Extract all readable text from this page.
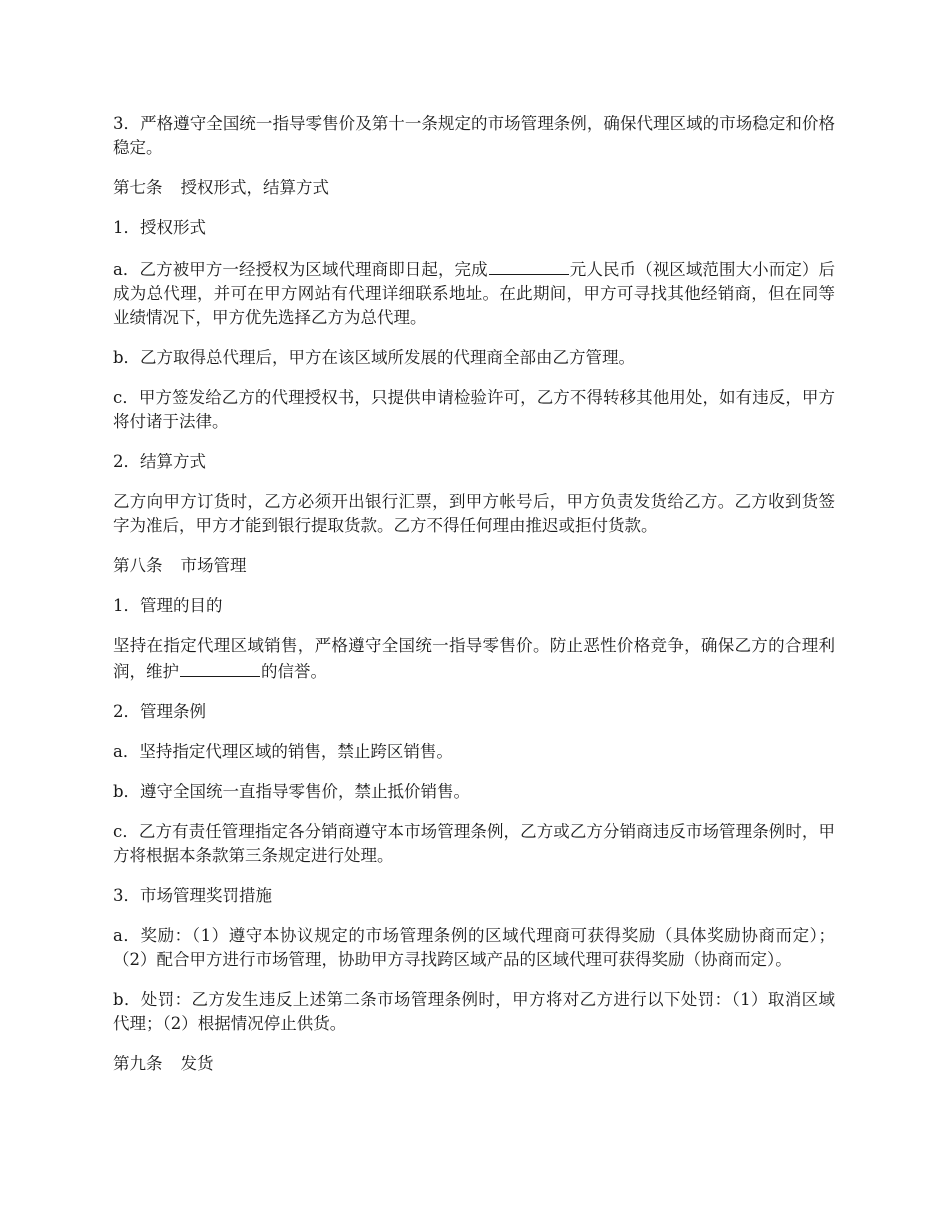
3．严格遵守全国统一指导零售价及第十一条规定的市场管理条例，确保代理区域的市场稳定和价格稳定。

第七条 授权形式，结算方式

1．授权形式

a．乙方被甲方一经授权为区域代理商即日起，完成	元人民币（视区域范围大小而定）后成为总代理，并可在甲方网站有代理详细联系地址。在此期间，甲方可寻找其他经销商，但在同等业绩情况下，甲方优先选择乙方为总代理。

b．乙方取得总代理后，甲方在该区域所发展的代理商全部由乙方管理。

c．甲方签发给乙方的代理授权书，只提供申请检验许可，乙方不得转移其他用处，如有违反，甲方将付诸于法律。

2．结算方式

乙方向甲方订货时，乙方必须开出银行汇票，到甲方帐号后，甲方负责发货给乙方。乙方收到货签字为准后，甲方才能到银行提取货款。乙方不得任何理由推迟或拒付货款。

第八条 市场管理

1．管理的目的

坚持在指定代理区域销售，严格遵守全国统一指导零售价。防止恶性价格竞争，确保乙方的合理利润，维护	的信誉。

2．管理条例

a．坚持指定代理区域的销售，禁止跨区销售。

b．遵守全国统一直指导零售价，禁止抵价销售。

c．乙方有责任管理指定各分销商遵守本市场管理条例，乙方或乙方分销商违反市场管理条例时，甲方将根据本条款第三条规定进行处理。

3．市场管理奖罚措施

a．奖励：（1）遵守本协议规定的市场管理条例的区域代理商可获得奖励（具体奖励协商而定）；（2）配合甲方进行市场管理，协助甲方寻找跨区域产品的区域代理可获得奖励（协商而定）。

b．处罚：乙方发生违反上述第二条市场管理条例时，甲方将对乙方进行以下处罚：（1）取消区域代理；（2）根据情况停止供货。

第九条 发货
